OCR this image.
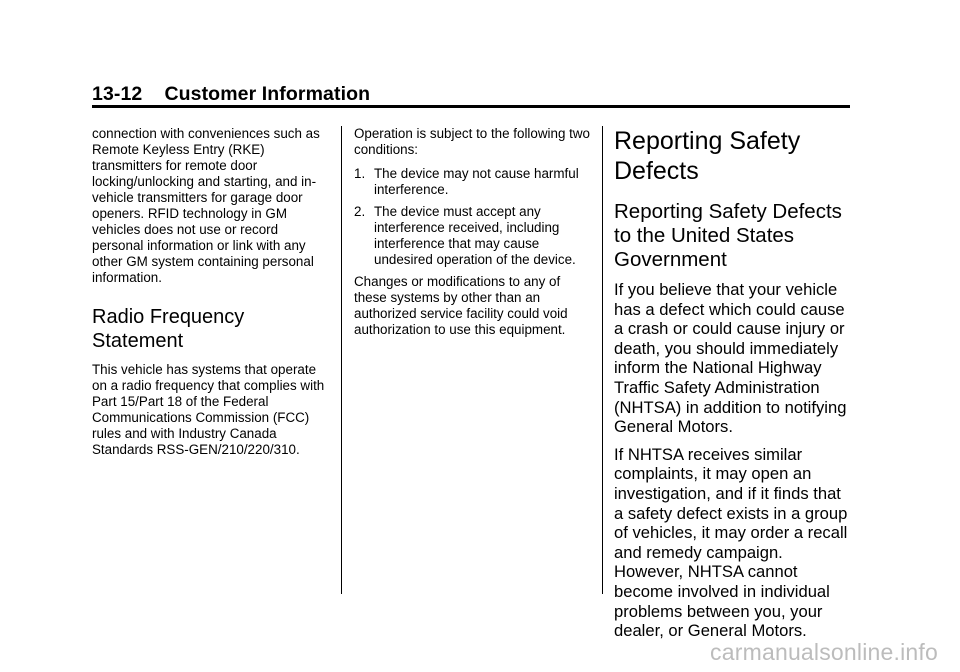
13-12    Customer Information

connection with conveniences such as Remote Keyless Entry (RKE) transmitters for remote door locking/unlocking and starting, and in-vehicle transmitters for garage door openers. RFID technology in GM vehicles does not use or record personal information or link with any other GM system containing personal information.

Radio Frequency Statement

This vehicle has systems that operate on a radio frequency that complies with Part 15/Part 18 of the Federal Communications Commission (FCC) rules and with Industry Canada Standards RSS-GEN/210/220/310.

Operation is subject to the following two conditions:

1. The device may not cause harmful interference.
2. The device must accept any interference received, including interference that may cause undesired operation of the device.

Changes or modifications to any of these systems by other than an authorized service facility could void authorization to use this equipment.

Reporting Safety Defects
Reporting Safety Defects to the United States Government

If you believe that your vehicle has a defect which could cause a crash or could cause injury or death, you should immediately inform the National Highway Traffic Safety Administration (NHTSA) in addition to notifying General Motors.

If NHTSA receives similar complaints, it may open an investigation, and if it finds that a safety defect exists in a group of vehicles, it may order a recall and remedy campaign. However, NHTSA cannot become involved in individual problems between you, your dealer, or General Motors.

carmanualsonline.info
